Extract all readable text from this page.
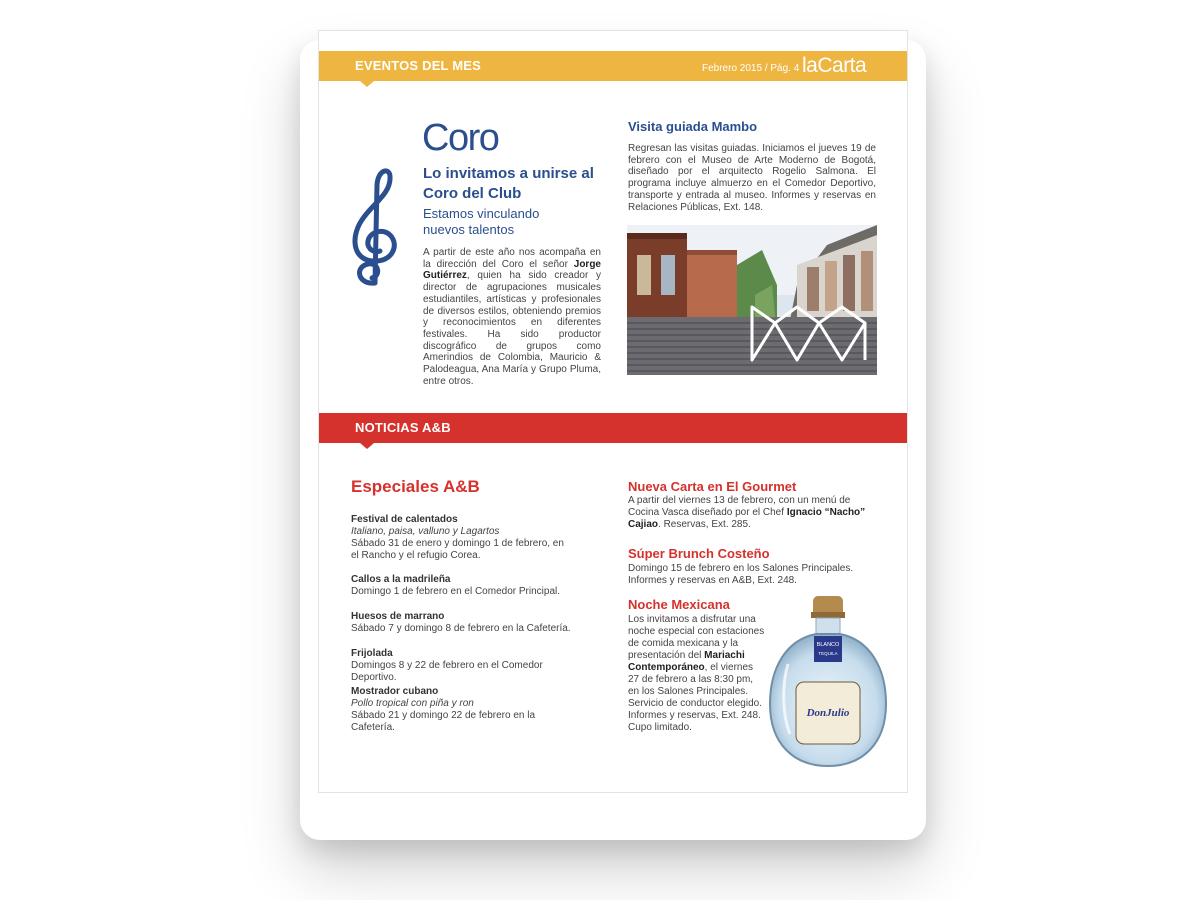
EVENTOS DEL MES	Febrero 2015 / Pág. 4 laCarta
Coro
Lo invitamos a unirse al Coro del Club
Estamos vinculando nuevos talentos
A partir de este año nos acompaña en la dirección del Coro el señor Jorge Gutiérrez, quien ha sido creador y director de agrupaciones musicales estudiantiles, artísticas y profesionales de diversos estilos, obteniendo premios y reconocimientos en diferentes festivales. Ha sido productor discográfico de grupos como Amerindios de Colombia, Mauricio & Palodeagua, Ana María y Grupo Pluma, entre otros.
Visita guiada Mambo
Regresan las visitas guiadas. Iniciamos el jueves 19 de febrero con el Museo de Arte Moderno de Bogotá, diseñado por el arquitecto Rogelio Salmona. El programa incluye almuerzo en el Comedor Deportivo, transporte y entrada al museo. Informes y reservas en Relaciones Públicas, Ext. 148.
NOTICIAS A&B
Especiales A&B
Festival de calentados
Italiano, paisa, valluno y Lagartos
Sábado 31 de enero y domingo 1 de febrero, en el Rancho y el refugio Corea.
Callos a la madrileña
Domingo 1 de febrero en el Comedor Principal.
Huesos de marrano
Sábado 7 y domingo 8 de febrero en la Cafetería.
Frijolada
Domingos 8 y 22 de febrero en el Comedor Deportivo.
Mostrador cubano
Pollo tropical con piña y ron
Sábado 21 y domingo 22 de febrero en la Cafetería.
Nueva Carta en El Gourmet
A partir del viernes 13 de febrero, con un menú de Cocina Vasca diseñado por el Chef Ignacio “Nacho” Cajiao. Reservas, Ext. 285.
Súper Brunch Costeño
Domingo 15 de febrero en los Salones Principales. Informes y reservas en A&B, Ext. 248.
Noche Mexicana
Los invitamos a disfrutar una noche especial con estaciones de comida mexicana y la presentación del Mariachi Contemporáneo, el viernes 27 de febrero a las 8:30 pm, en los Salones Principales. Servicio de conductor elegido. Informes y reservas, Ext. 248. Cupo limitado.
BLANCO
TEQUILA
DonJulio
